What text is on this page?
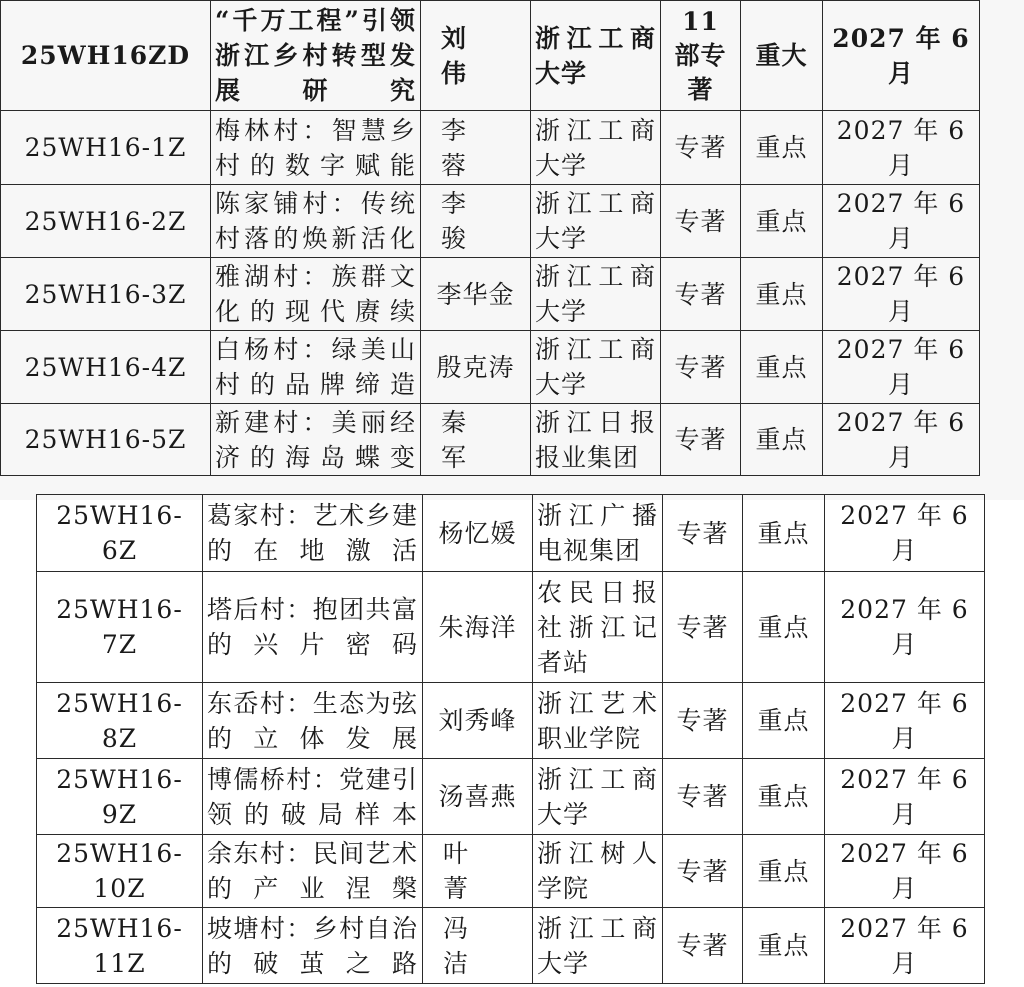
25WH16ZD	“千万工程”引领浙江乡村转型发展研究	刘　伟	浙江工商大学	11 部专著	重大	2027 年 6 月
25WH16-1Z	梅林村：智慧乡村的数字赋能	李　蓉	浙江工商大学	专著	重点	2027 年 6 月
25WH16-2Z	陈家铺村：传统村落的焕新活化	李　骏	浙江工商大学	专著	重点	2027 年 6 月
25WH16-3Z	雅湖村：族群文化的现代赓续	李华金	浙江工商大学	专著	重点	2027 年 6 月
25WH16-4Z	白杨村：绿美山村的品牌缔造	殷克涛	浙江工商大学	专著	重点	2027 年 6 月
25WH16-5Z	新建村：美丽经济的海岛蝶变	秦　军	浙江日报报业集团	专著	重点	2027 年 6 月
25WH16-6Z	葛家村：艺术乡建的在地激活	杨忆媛	浙江广播电视集团	专著	重点	2027 年 6 月
25WH16-7Z	塔后村：抱团共富的兴片密码	朱海洋	农民日报社浙江记者站	专著	重点	2027 年 6 月
25WH16-8Z	东岙村：生态为弦的立体发展	刘秀峰	浙江艺术职业学院	专著	重点	2027 年 6 月
25WH16-9Z	博儒桥村：党建引领的破局样本	汤喜燕	浙江工商大学	专著	重点	2027 年 6 月
25WH16-10Z	余东村：民间艺术的产业涅槃	叶　菁	浙江树人学院	专著	重点	2027 年 6 月
25WH16-11Z	坡塘村：乡村自治的破茧之路	冯　洁	浙江工商大学	专著	重点	2027 年 6 月
